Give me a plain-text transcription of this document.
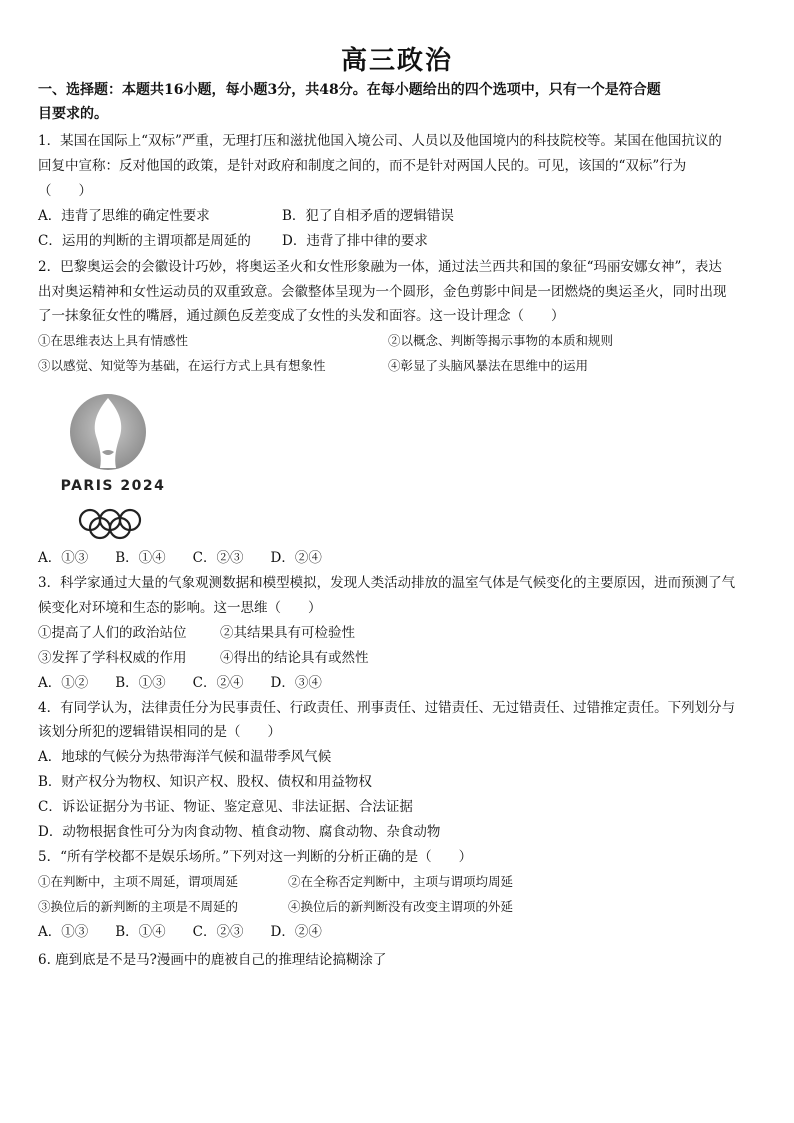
高三政治
一、选择题：本题共16小题，每小题3分，共48分。在每小题给出的四个选项中，只有一个是符合题
目要求的。
1．某国在国际上“双标”严重，无理打压和滋扰他国入境公司、人员以及他国境内的科技院校等。某国在他国抗议的
回复中宣称：反对他国的政策，是针对政府和制度之间的，而不是针对两国人民的。可见，该国的“双标”行为
（　　）
A．违背了思维的确定性要求	B．犯了自相矛盾的逻辑错误
C．运用的判断的主谓项都是周延的 D．违背了排中律的要求
2．巴黎奥运会的会徽设计巧妙，将奥运圣火和女性形象融为一体，通过法兰西共和国的象征“玛丽安娜女神”，表达
出对奥运精神和女性运动员的双重致意。会徽整体呈现为一个圆形，金色剪影中间是一团燃烧的奥运圣火，同时出现
了一抹象征女性的嘴唇，通过颜色反差变成了女性的头发和面容。这一设计理念（　　）
①在思维表达上具有情感性	②以概念、判断等揭示事物的本质和规则
③以感觉、知觉等为基础，在运行方式上具有想象性	④彰显了头脑风暴法在思维中的运用
PARIS 2024
A．①③　　B．①④　　C．②③　　D．②④
3．科学家通过大量的气象观测数据和模型模拟，发现人类活动排放的温室气体是气候变化的主要原因，进而预测了气
候变化对环境和生态的影响。这一思维（　　）
①提高了人们的政治站位 ②其结果具有可检验性
③发挥了学科权威的作用 ④得出的结论具有或然性
A．①②　　B．①③　　C．②④　　D．③④
4．有同学认为，法律责任分为民事责任、行政责任、刑事责任、过错责任、无过错责任、过错推定责任。下列划分与
该划分所犯的逻辑错误相同的是（　　）
A．地球的气候分为热带海洋气候和温带季风气候
B．财产权分为物权、知识产权、股权、债权和用益物权
C．诉讼证据分为书证、物证、鉴定意见、非法证据、合法证据
D．动物根据食性可分为肉食动物、植食动物、腐食动物、杂食动物
5．“所有学校都不是娱乐场所。”下列对这一判断的分析正确的是（　　）
①在判断中，主项不周延，谓项周延	②在全称否定判断中，主项与谓项均周延
③换位后的新判断的主项是不周延的	④换位后的新判断没有改变主谓项的外延
A．①③　　B．①④　　C．②③　　D．②④
6. 鹿到底是不是马?漫画中的鹿被自己的推理结论搞糊涂了
